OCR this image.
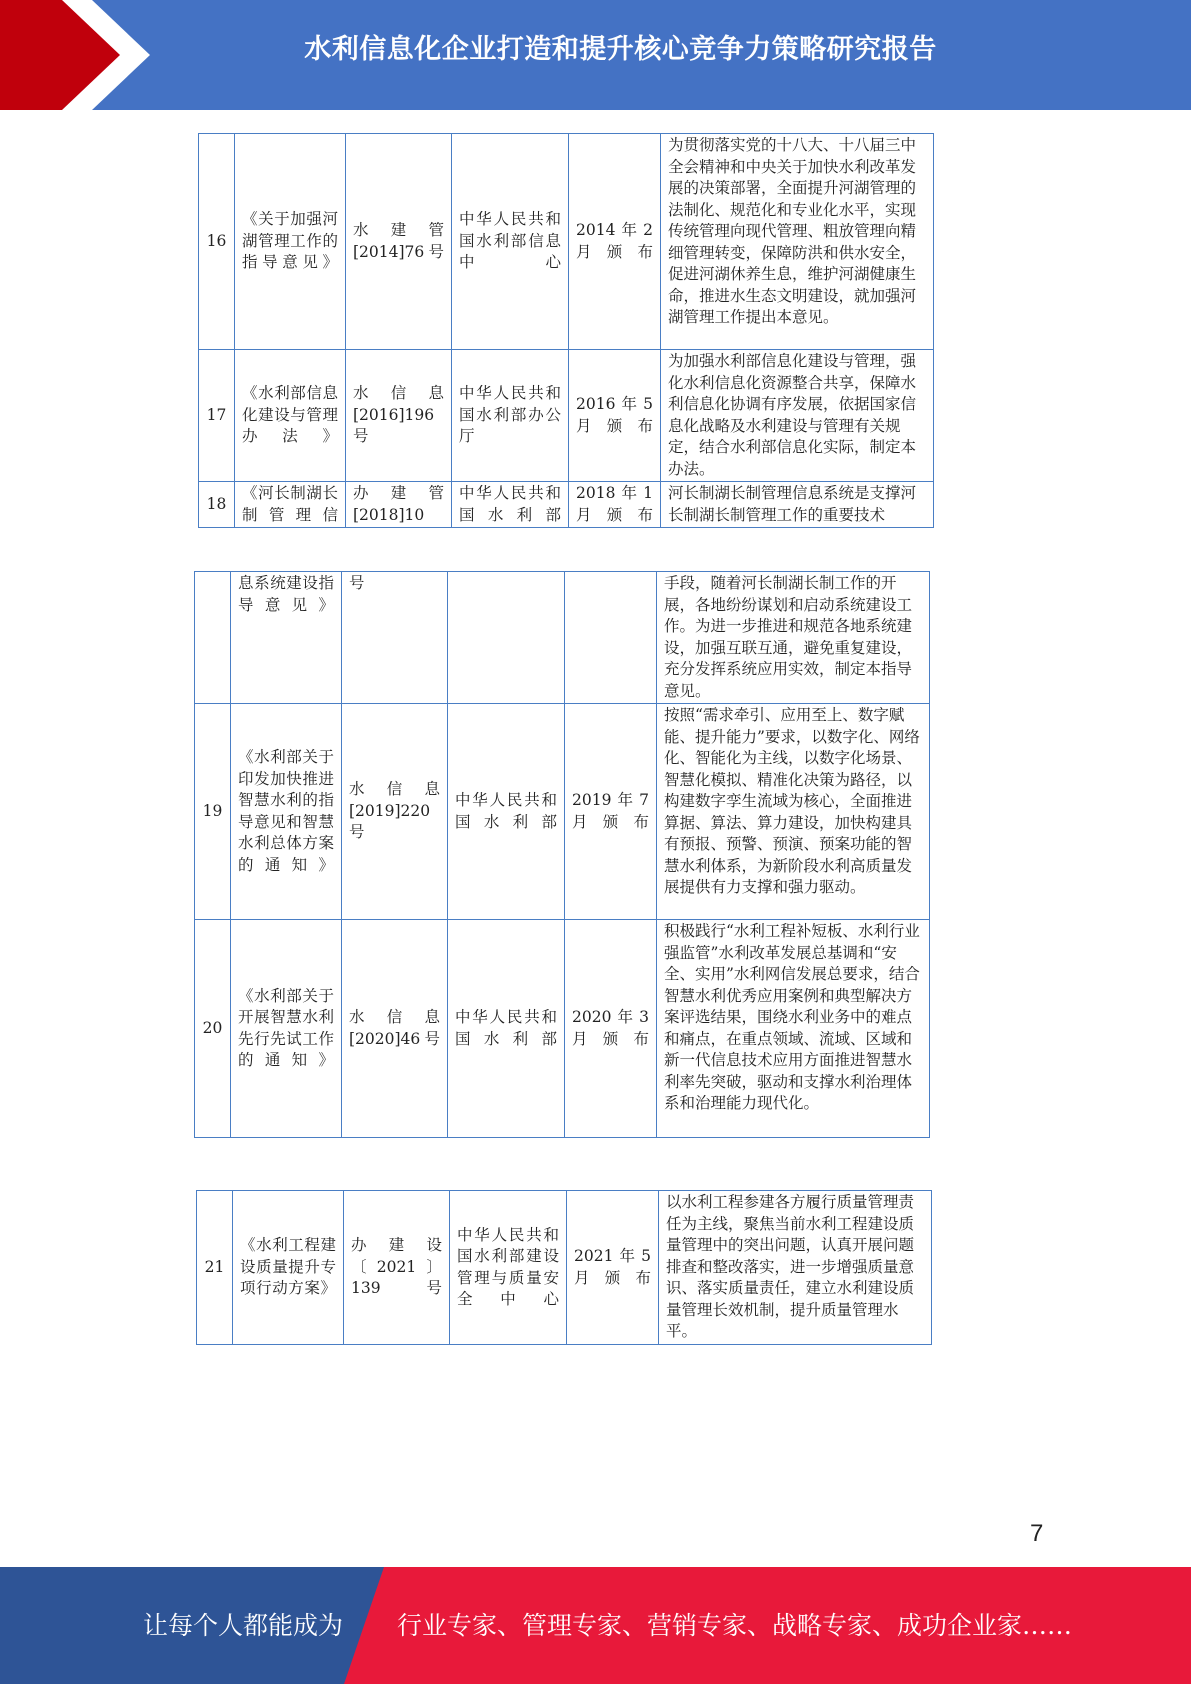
水利信息化企业打造和提升核心竞争力策略研究报告
16	《关于加强河湖管理工作的指导意见》	水建管[2014]76号	中华人民共和国水利部信息中心	2014年2月颁布	为贯彻落实党的十八大、十八届三中全会精神和中央关于加快水利改革发展的决策部署，全面提升河湖管理的法制化、规范化和专业化水平，实现传统管理向现代管理、粗放管理向精细管理转变，保障防洪和供水安全，促进河湖休养生息，维护河湖健康生命，推进水生态文明建设，就加强河湖管理工作提出本意见。
17	《水利部信息化建设与管理办法》	水信息[2016]196号	中华人民共和国水利部办公厅	2016年5月颁布	为加强水利部信息化建设与管理，强化水利信息化资源整合共享，保障水利信息化协调有序发展，依据国家信息化战略及水利建设与管理有关规定，结合水利部信息化实际，制定本办法。
18	《河长制湖长制管理信	办建管[2018]10	中华人民共和国水利部	2018年1月颁布	河长制湖长制管理信息系统是支撑河长制湖长制管理工作的重要技术
	息系统建设指导意见》	号			手段，随着河长制湖长制工作的开展，各地纷纷谋划和启动系统建设工作。为进一步推进和规范各地系统建设，加强互联互通，避免重复建设，充分发挥系统应用实效，制定本指导意见。
19	《水利部关于印发加快推进智慧水利的指导意见和智慧水利总体方案的通知》	水信息[2019]220号	中华人民共和国水利部	2019年7月颁布	按照“需求牵引、应用至上、数字赋能、提升能力”要求，以数字化、网络化、智能化为主线，以数字化场景、智慧化模拟、精准化决策为路径，以构建数字孪生流域为核心，全面推进算据、算法、算力建设，加快构建具有预报、预警、预演、预案功能的智慧水利体系，为新阶段水利高质量发展提供有力支撑和强力驱动。
20	《水利部关于开展智慧水利先行先试工作的通知》	水信息[2020]46号	中华人民共和国水利部	2020年3月颁布	积极践行“水利工程补短板、水利行业强监管”水利改革发展总基调和“安全、实用”水利网信发展总要求，结合智慧水利优秀应用案例和典型解决方案评选结果，围绕水利业务中的难点和痛点，在重点领域、流域、区域和新一代信息技术应用方面推进智慧水利率先突破，驱动和支撑水利治理体系和治理能力现代化。
21	《水利工程建设质量提升专项行动方案》	办建设〔2021〕139号	中华人民共和国水利部建设管理与质量安全中心	2021年5月颁布	以水利工程参建各方履行质量管理责任为主线，聚焦当前水利工程建设质量管理中的突出问题，认真开展问题排查和整改落实，进一步增强质量意识、落实质量责任，建立水利建设质量管理长效机制，提升质量管理水平。
7
让每个人都能成为 行业专家、管理专家、营销专家、战略专家、成功企业家……
